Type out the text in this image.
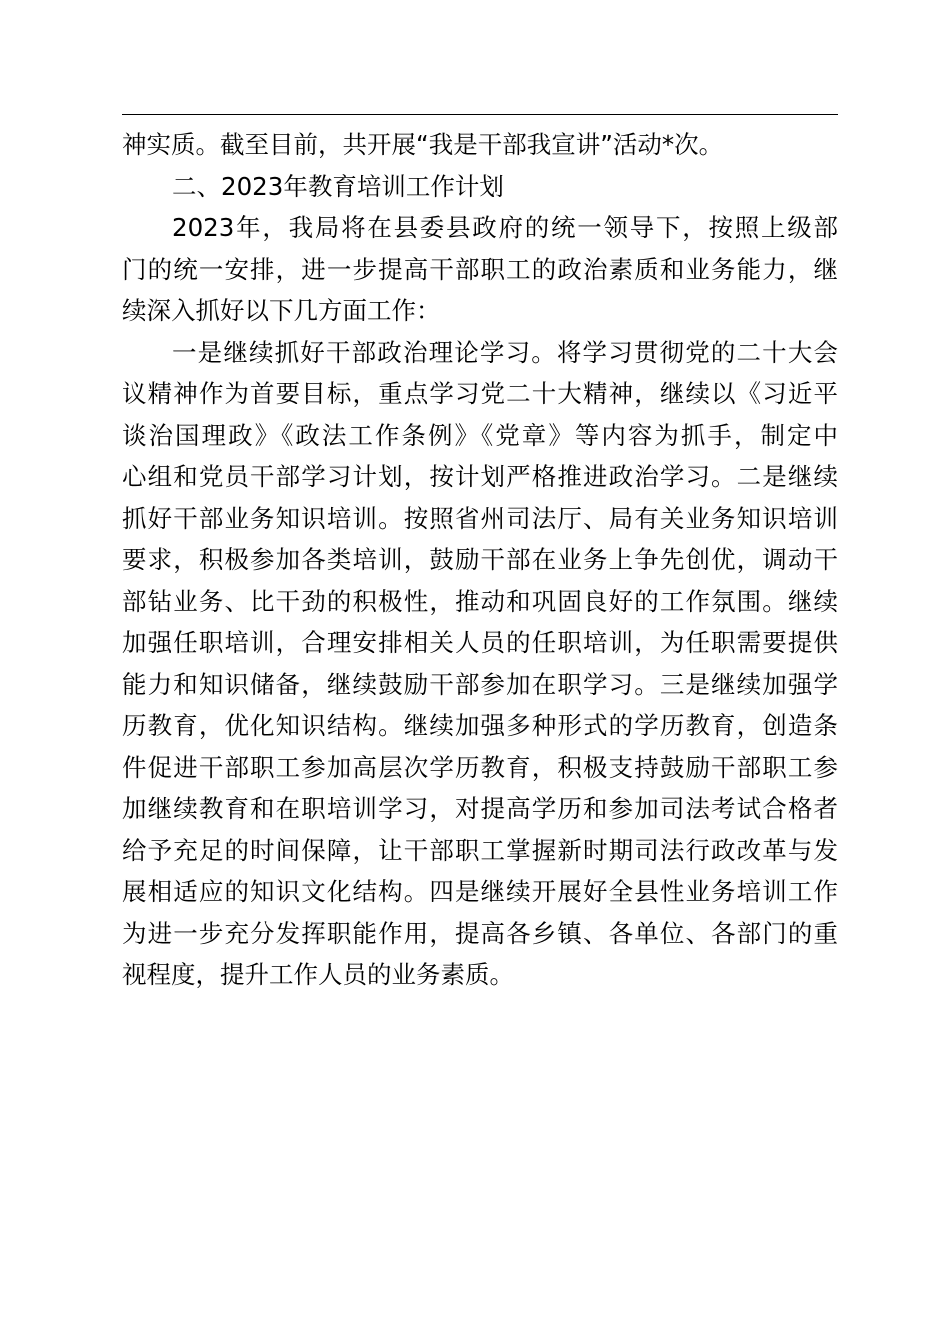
神实质。截至目前，共开展“我是干部我宣讲”活动*次。
二、2023年教育培训工作计划
2023年，我局将在县委县政府的统一领导下，按照上级部
门的统一安排，进一步提高干部职工的政治素质和业务能力，继
续深入抓好以下几方面工作：
一是继续抓好干部政治理论学习。将学习贯彻党的二十大会
议精神作为首要目标，重点学习党二十大精神，继续以《习近平
谈治国理政》《政法工作条例》《党章》等内容为抓手，制定中
心组和党员干部学习计划，按计划严格推进政治学习。二是继续
抓好干部业务知识培训。按照省州司法厅、局有关业务知识培训
要求，积极参加各类培训，鼓励干部在业务上争先创优，调动干
部钻业务、比干劲的积极性，推动和巩固良好的工作氛围。继续
加强任职培训，合理安排相关人员的任职培训，为任职需要提供
能力和知识储备，继续鼓励干部参加在职学习。三是继续加强学
历教育，优化知识结构。继续加强多种形式的学历教育，创造条
件促进干部职工参加高层次学历教育，积极支持鼓励干部职工参
加继续教育和在职培训学习，对提高学历和参加司法考试合格者
给予充足的时间保障，让干部职工掌握新时期司法行政改革与发
展相适应的知识文化结构。四是继续开展好全县性业务培训工作
为进一步充分发挥职能作用，提高各乡镇、各单位、各部门的重
视程度，提升工作人员的业务素质。
